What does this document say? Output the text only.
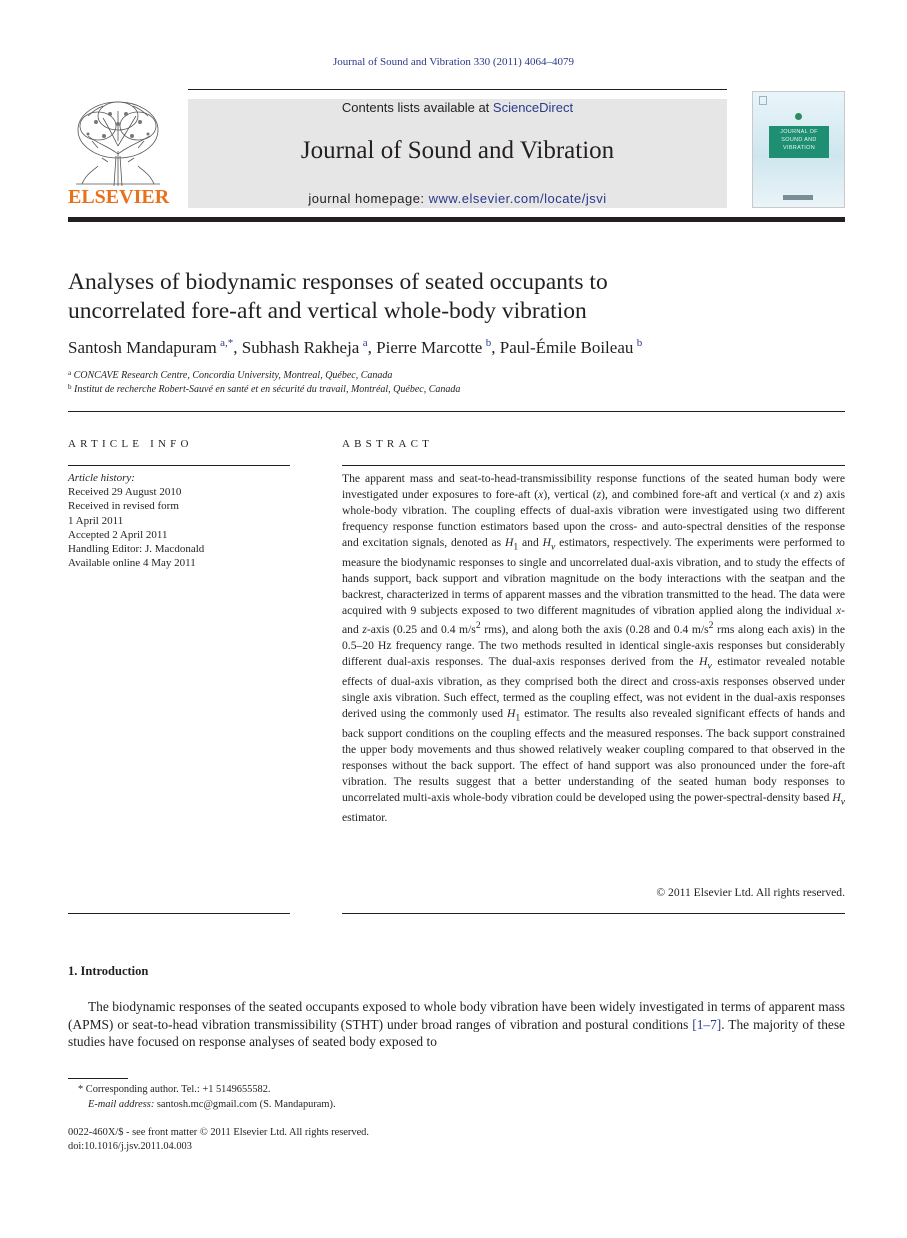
Journal of Sound and Vibration 330 (2011) 4064–4079
ELSEVIER
Contents lists available at ScienceDirect
Journal of Sound and Vibration
journal homepage: www.elsevier.com/locate/jsvi
JOURNAL OF SOUND AND VIBRATION
Analyses of biodynamic responses of seated occupants to
uncorrelated fore-aft and vertical whole-body vibration
Santosh Mandapuram  $^{a,*}$, Subhash Rakheja  $^a$, Pierre Marcotte  $^b$, Paul-Émile Boileau  $^b$
$^a$ CONCAVE Research Centre, Concordia University, Montreal, Québec, Canada
$^b$ Institut de recherche Robert-Sauvé en santé et en sécurité du travail, Montréal, Québec, Canada
ARTICLE INFO	ABSTRACT
Article history:
Received 29 August 2010
Received in revised form
1 April 2011
Accepted 2 April 2011
Handling Editor: J. Macdonald
Available online 4 May 2011
The apparent mass and seat-to-head-transmissibility response functions of the seated human body were investigated under exposures to fore-aft (x), vertical (z), and combined fore-aft and vertical (x and z) axis whole-body vibration. The coupling effects of dual-axis vibration were investigated using two different frequency response function estimators based upon the cross- and auto-spectral densities of the response and excitation signals, denoted as $H_1$ and $H_v$ estimators, respectively. The experiments were performed to measure the biodynamic responses to single and uncorrelated dual-axis vibration, and to study the effects of hands support, back support and vibration magnitude on the body interactions with the seatpan and the backrest, characterized in terms of apparent masses and the vibration transmitted to the head. The data were acquired with 9 subjects exposed to two different magnitudes of vibration applied along the individual x- and z-axis (0.25 and 0.4 $m/s^2$ rms), and along both the axis (0.28 and 0.4 $m/s^2$ rms along each axis) in the 0.5–20 Hz frequency range. The two methods resulted in identical single-axis responses but considerably different dual-axis responses. The dual-axis responses derived from the $H_v$ estimator revealed notable effects of dual-axis vibration, as they comprised both the direct and cross-axis responses observed under single axis vibration. Such effect, termed as the coupling effect, was not evident in the dual-axis responses derived using the commonly used $H_1$ estimator. The results also revealed significant effects of hands and back support conditions on the coupling effects and the measured responses. The back support constrained the upper body movements and thus showed relatively weaker coupling compared to that observed in the responses without the back support. The effect of hand support was also pronounced under the fore-aft vibration. The results suggest that a better understanding of the seated human body responses to uncorrelated multi-axis whole-body vibration could be developed using the power-spectral-density based $H_v$ estimator.
© 2011 Elsevier Ltd. All rights reserved.
1. Introduction
The biodynamic responses of the seated occupants exposed to whole body vibration have been widely investigated in terms of apparent mass (APMS) or seat-to-head vibration transmissibility (STHT) under broad ranges of vibration and postural conditions [1–7]. The majority of these studies have focused on response analyses of seated body exposed to
* Corresponding author. Tel.: +1 5149655582.
E-mail address: santosh.mc@gmail.com (S. Mandapuram).
0022-460X/$ - see front matter © 2011 Elsevier Ltd. All rights reserved.
doi:10.1016/j.jsv.2011.04.003
